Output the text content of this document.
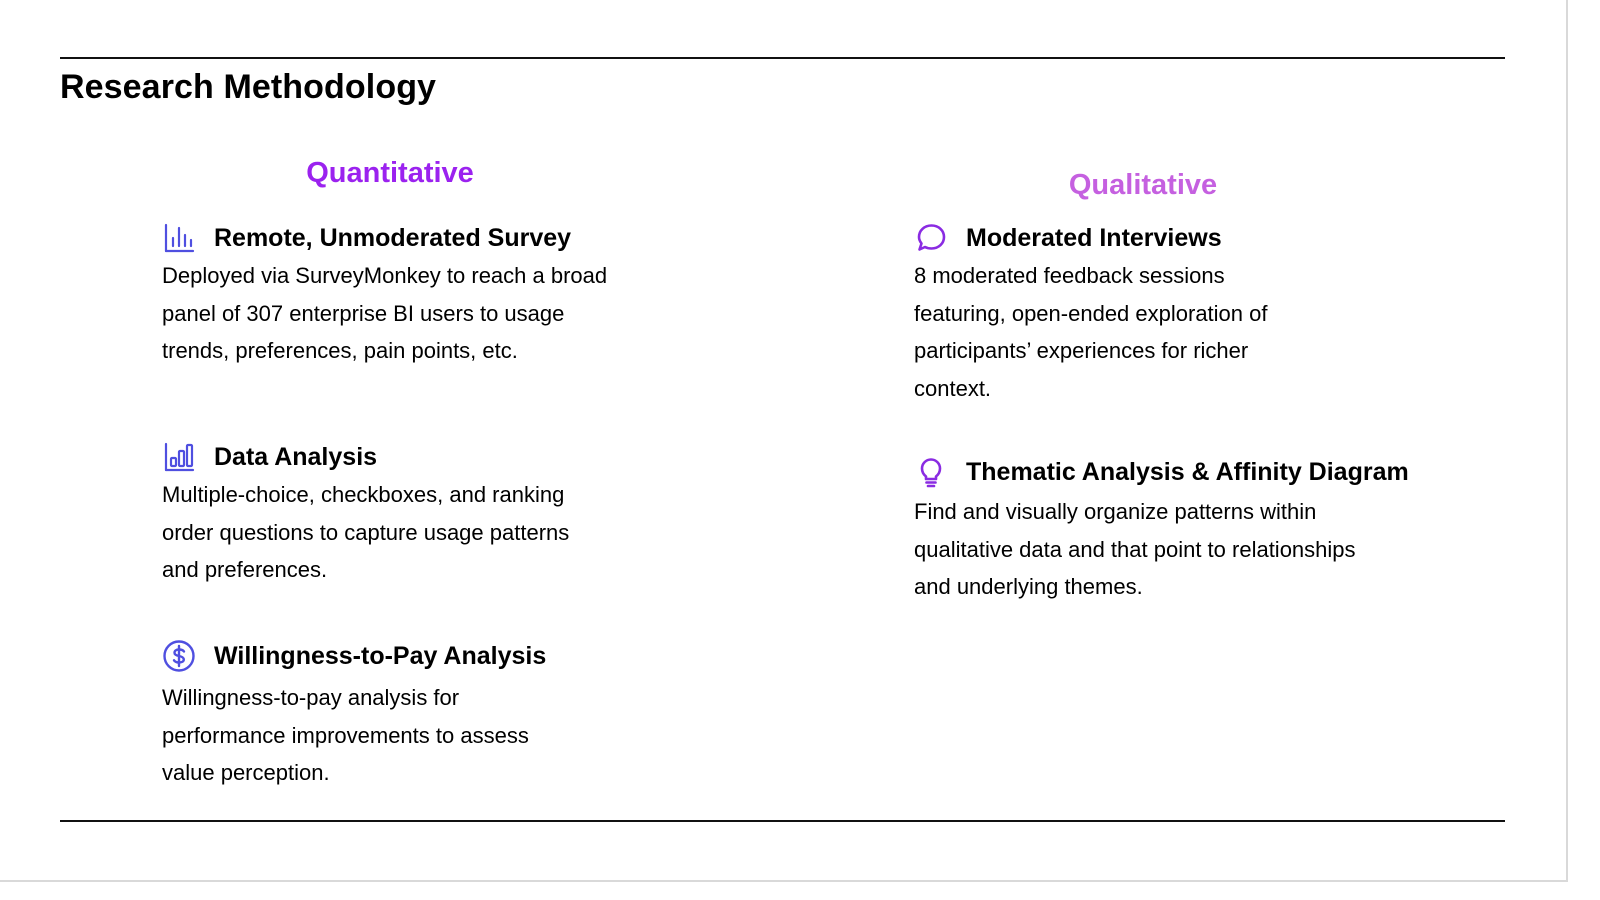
Research Methodology
Quantitative	Qualitative
Remote, Unmoderated Survey
Deployed via SurveyMonkey to reach a broad panel of 307 enterprise BI users to usage trends, preferences, pain points, etc.
Data Analysis
Multiple-choice, checkboxes, and ranking order questions to capture usage patterns and preferences.
Willingness-to-Pay Analysis
Willingness-to-pay analysis for performance improvements to assess value perception.
Moderated Interviews
8 moderated feedback sessions featuring, open-ended exploration of participants’ experiences for richer context.
Thematic Analysis & Affinity Diagram
Find and visually organize patterns within qualitative data and that point to relationships and underlying themes.
